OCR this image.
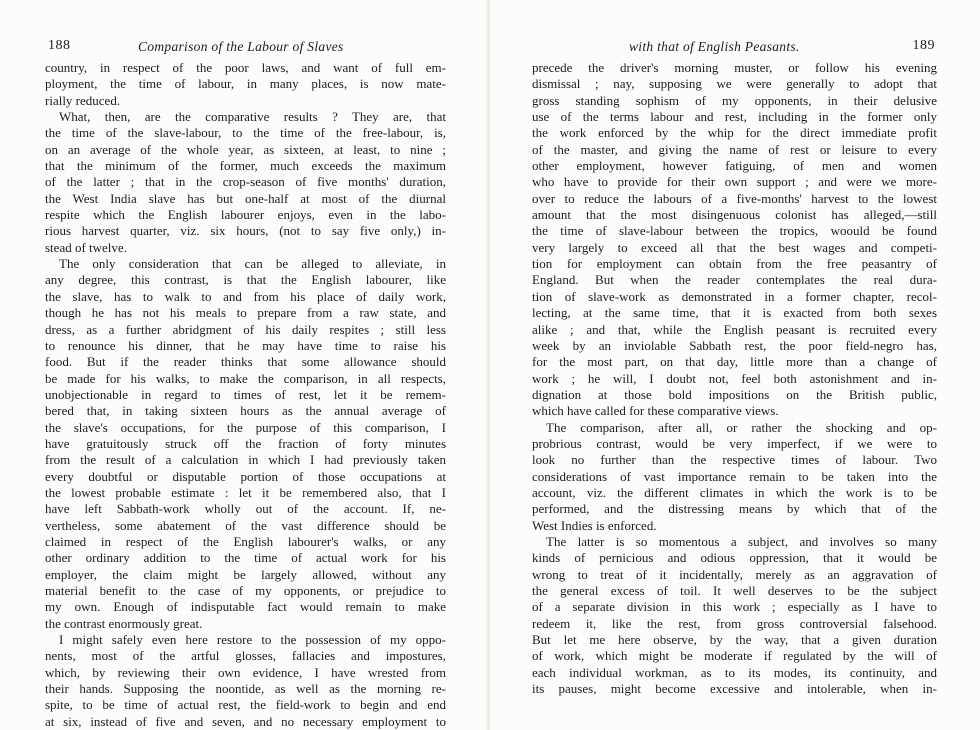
188	Comparison of the Labour of Slaves
country, in respect of the poor laws, and want of full em-
ployment, the time of labour, in many places, is now mate-
rially reduced.
What, then, are the comparative results ? They are, that
the time of the slave-labour, to the time of the free-labour, is,
on an average of the whole year, as sixteen, at least, to nine ;
that the minimum of the former, much exceeds the maximum
of the latter ; that in the crop-season of five months' duration,
the West India slave has but one-half at most of the diurnal
respite which the English labourer enjoys, even in the labo-
rious harvest quarter, viz. six hours, (not to say five only,) in-
stead of twelve.
The only consideration that can be alleged to alleviate, in
any degree, this contrast, is that the English labourer, like
the slave, has to walk to and from his place of daily work,
though he has not his meals to prepare from a raw state, and
dress, as a further abridgment of his daily respites ; still less
to renounce his dinner, that he may have time to raise his
food. But if the reader thinks that some allowance should
be made for his walks, to make the comparison, in all respects,
unobjectionable in regard to times of rest, let it be remem-
bered that, in taking sixteen hours as the annual average of
the slave's occupations, for the purpose of this comparison, I
have gratuitously struck off the fraction of forty minutes
from the result of a calculation in which I had previously taken
every doubtful or disputable portion of those occupations at
the lowest probable estimate : let it be remembered also, that I
have left Sabbath-work wholly out of the account. If, ne-
vertheless, some abatement of the vast difference should be
claimed in respect of the English labourer's walks, or any
other ordinary addition to the time of actual work for his
employer, the claim might be largely allowed, without any
material benefit to the case of my opponents, or prejudice to
my own. Enough of indisputable fact would remain to make
the contrast enormously great.
I might safely even here restore to the possession of my oppo-
nents, most of the artful glosses, fallacies and impostures,
which, by reviewing their own evidence, I have wrested from
their hands. Supposing the noontide, as well as the morning re-
spite, to be time of actual rest, the field-work to begin and end
at six, instead of five and seven, and no necessary employment to
with that of English Peasants.	189
precede the driver's morning muster, or follow his evening
dismissal ; nay, supposing we were generally to adopt that
gross standing sophism of my opponents, in their delusive
use of the terms labour and rest, including in the former only
the work enforced by the whip for the direct immediate profit
of the master, and giving the name of rest or leisure to every
other employment, however fatiguing, of men and women
who have to provide for their own support ; and were we more-
over to reduce the labours of a five-months' harvest to the lowest
amount that the most disingenuous colonist has alleged,—still
the time of slave-labour between the tropics, woould be found
very largely to exceed all that the best wages and competi-
tion for employment can obtain from the free peasantry of
England. But when the reader contemplates the real dura-
tion of slave-work as demonstrated in a former chapter, recol-
lecting, at the same time, that it is exacted from both sexes
alike ; and that, while the English peasant is recruited every
week by an inviolable Sabbath rest, the poor field-negro has,
for the most part, on that day, little more than a change of
work ; he will, I doubt not, feel both astonishment and in-
dignation at those bold impositions on the British public,
which have called for these comparative views.
The comparison, after all, or rather the shocking and op-
probrious contrast, would be very imperfect, if we were to
look no further than the respective times of labour. Two
considerations of vast importance remain to be taken into the
account, viz. the different climates in which the work is to be
performed, and the distressing means by which that of the
West Indies is enforced.
The latter is so momentous a subject, and involves so many
kinds of pernicious and odious oppression, that it would be
wrong to treat of it incidentally, merely as an aggravation of
the general excess of toil. It well deserves to be the subject
of a separate division in this work ; especially as I have to
redeem it, like the rest, from gross controversial falsehood.
But let me here observe, by the way, that a given duration
of work, which might be moderate if regulated by the will of
each individual workman, as to its modes, its continuity, and
its pauses, might become excessive and intolerable, when in-
